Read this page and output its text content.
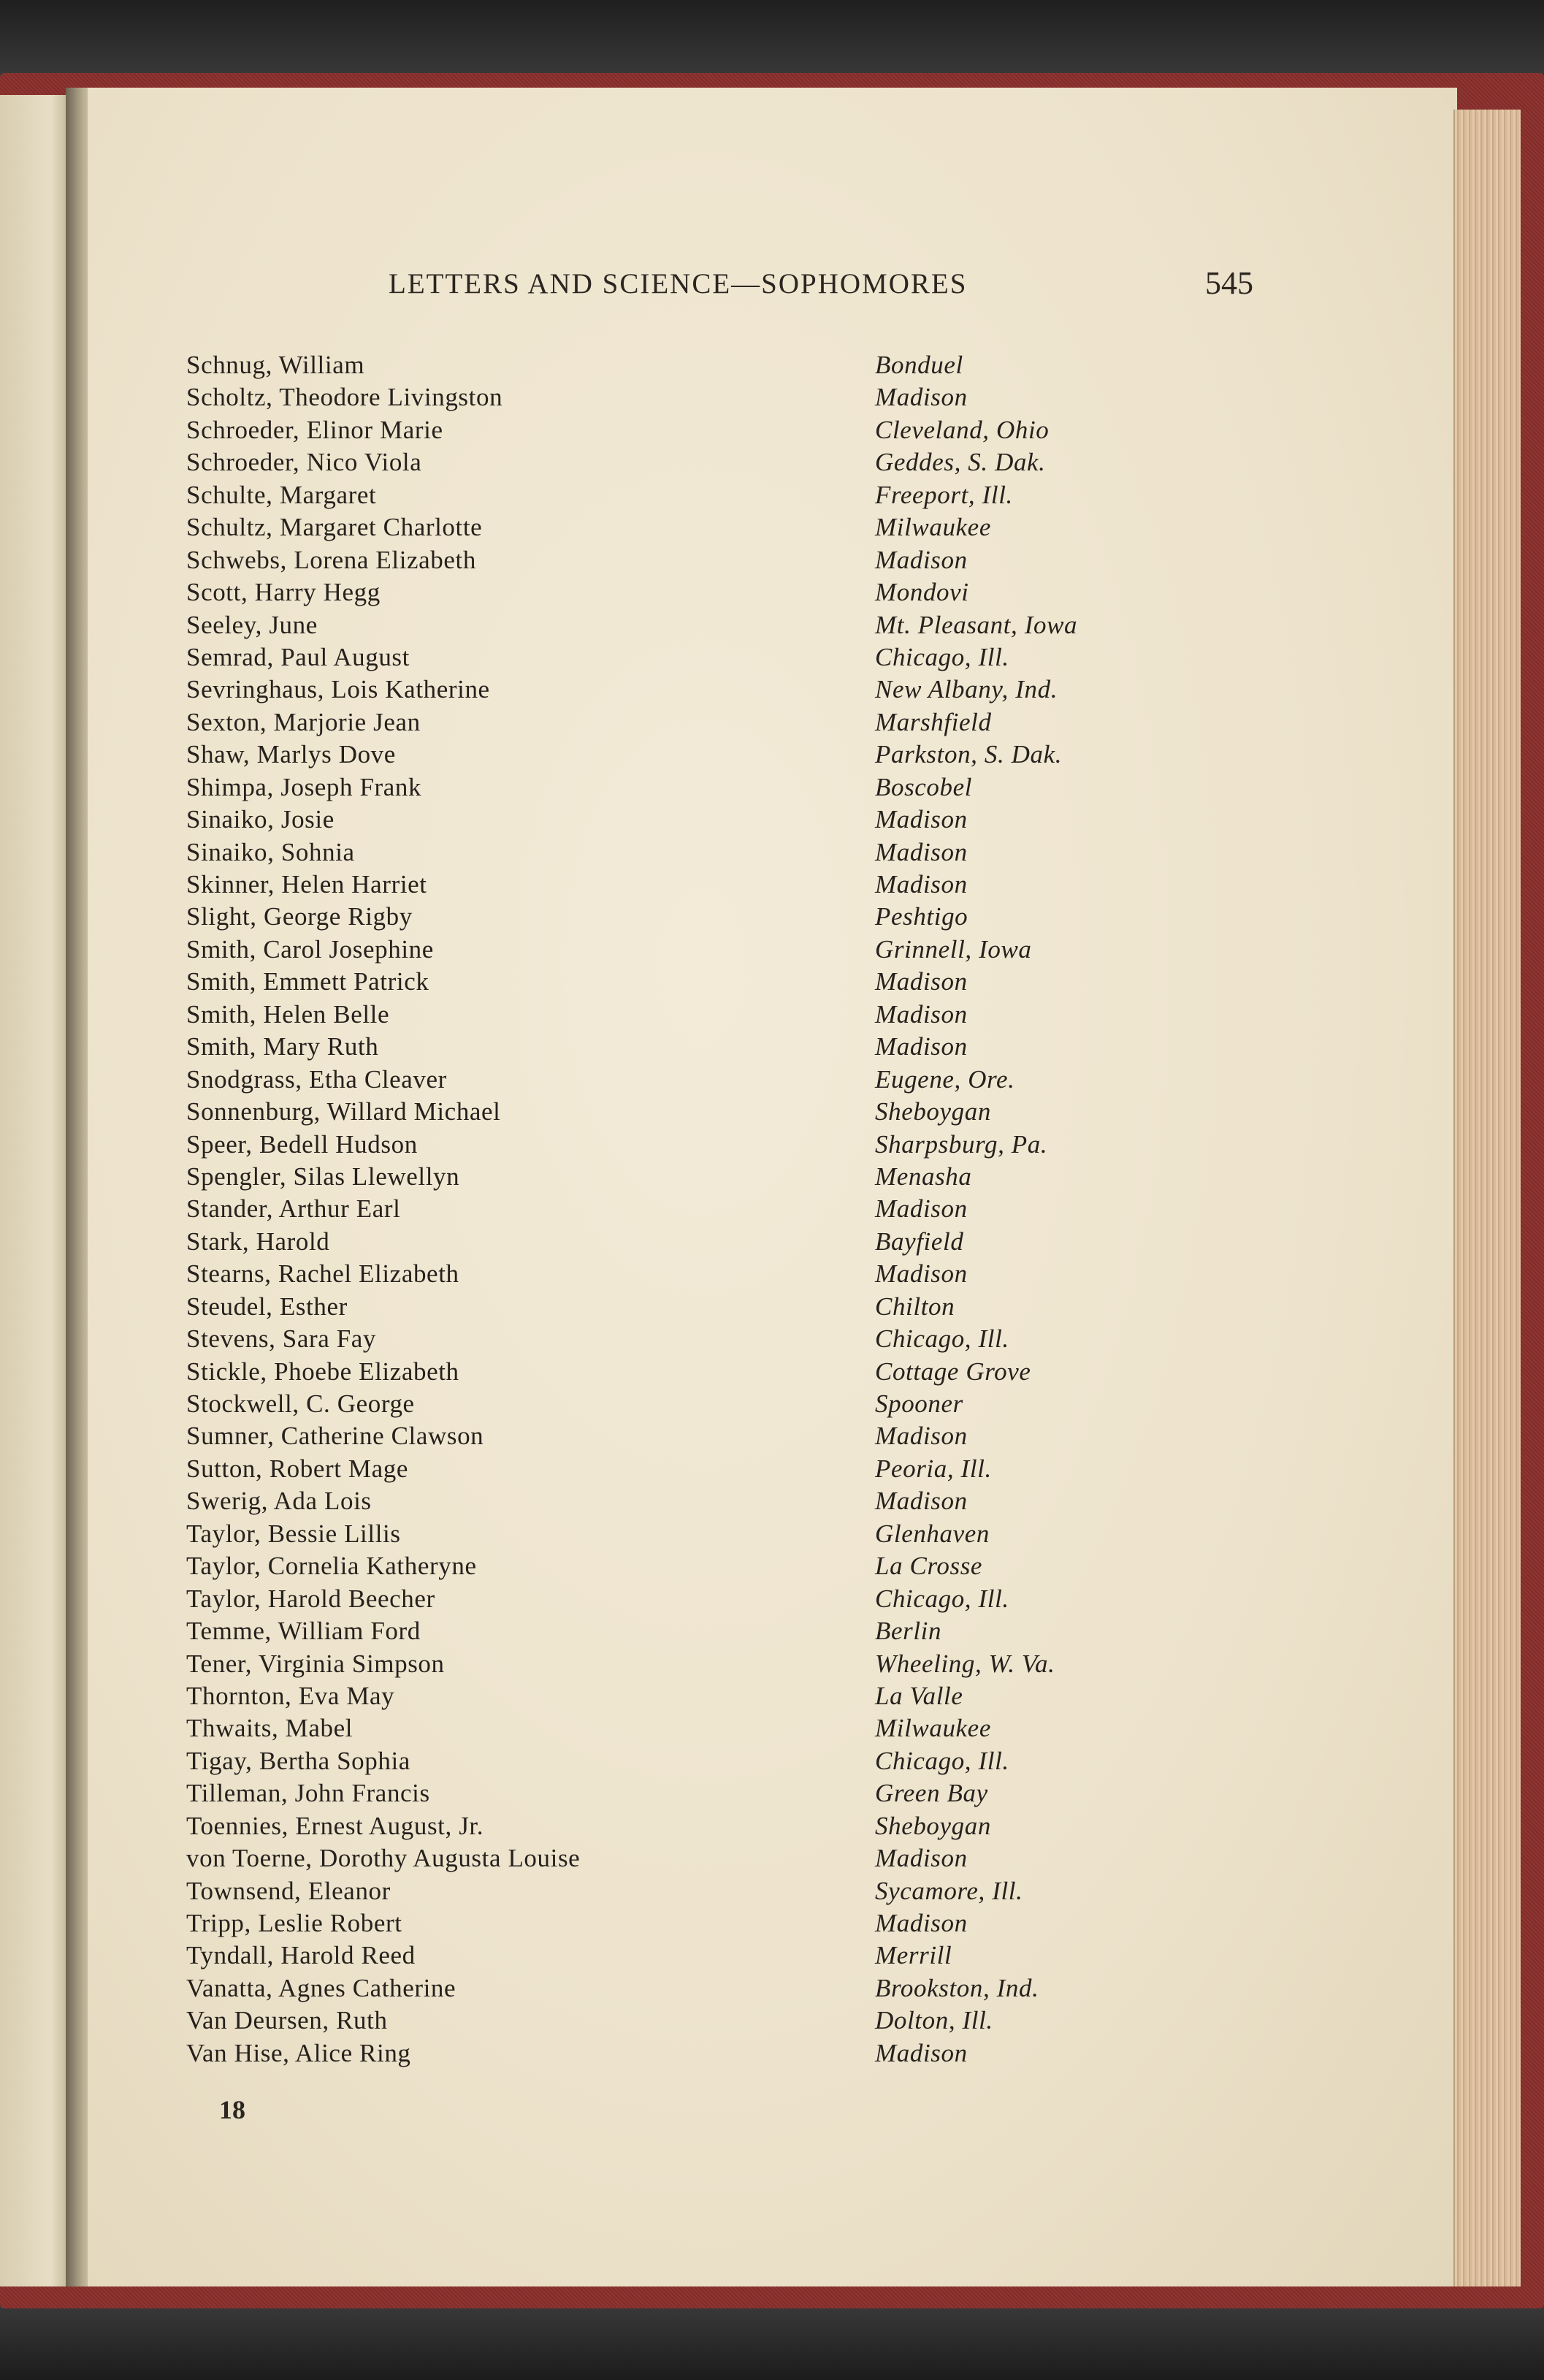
LETTERS AND SCIENCE—SOPHOMORES	545
Schnug, William	Bonduel
Scholtz, Theodore Livingston	Madison
Schroeder, Elinor Marie	Cleveland, Ohio
Schroeder, Nico Viola	Geddes, S. Dak.
Schulte, Margaret	Freeport, Ill.
Schultz, Margaret Charlotte	Milwaukee
Schwebs, Lorena Elizabeth	Madison
Scott, Harry Hegg	Mondovi
Seeley, June	Mt. Pleasant, Iowa
Semrad, Paul August	Chicago, Ill.
Sevringhaus, Lois Katherine	New Albany, Ind.
Sexton, Marjorie Jean	Marshfield
Shaw, Marlys Dove	Parkston, S. Dak.
Shimpa, Joseph Frank	Boscobel
Sinaiko, Josie	Madison
Sinaiko, Sohnia	Madison
Skinner, Helen Harriet	Madison
Slight, George Rigby	Peshtigo
Smith, Carol Josephine	Grinnell, Iowa
Smith, Emmett Patrick	Madison
Smith, Helen Belle	Madison
Smith, Mary Ruth	Madison
Snodgrass, Etha Cleaver	Eugene, Ore.
Sonnenburg, Willard Michael	Sheboygan
Speer, Bedell Hudson	Sharpsburg, Pa.
Spengler, Silas Llewellyn	Menasha
Stander, Arthur Earl	Madison
Stark, Harold	Bayfield
Stearns, Rachel Elizabeth	Madison
Steudel, Esther	Chilton
Stevens, Sara Fay	Chicago, Ill.
Stickle, Phoebe Elizabeth	Cottage Grove
Stockwell, C. George	Spooner
Sumner, Catherine Clawson	Madison
Sutton, Robert Mage	Peoria, Ill.
Swerig, Ada Lois	Madison
Taylor, Bessie Lillis	Glenhaven
Taylor, Cornelia Katheryne	La Crosse
Taylor, Harold Beecher	Chicago, Ill.
Temme, William Ford	Berlin
Tener, Virginia Simpson	Wheeling, W. Va.
Thornton, Eva May	La Valle
Thwaits, Mabel	Milwaukee
Tigay, Bertha Sophia	Chicago, Ill.
Tilleman, John Francis	Green Bay
Toennies, Ernest August, Jr.	Sheboygan
von Toerne, Dorothy Augusta Louise	Madison
Townsend, Eleanor	Sycamore, Ill.
Tripp, Leslie Robert	Madison
Tyndall, Harold Reed	Merrill
Vanatta, Agnes Catherine	Brookston, Ind.
Van Deursen, Ruth	Dolton, Ill.
Van Hise, Alice Ring	Madison
18
